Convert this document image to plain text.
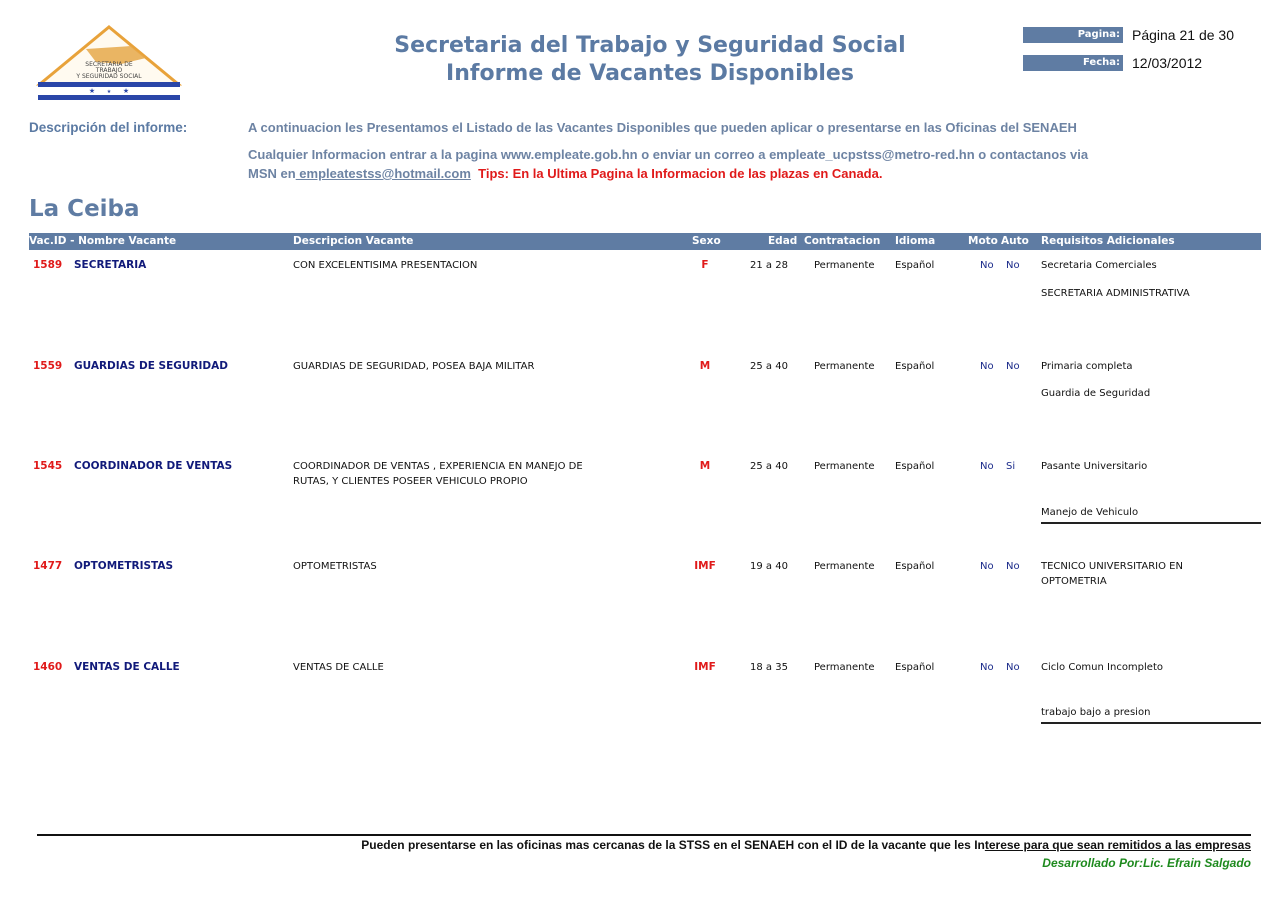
SECRETARIA DE
TRABAJO
Y SEGURIDAD SOCIAL
★ ★ ★
Secretaria del Trabajo y Seguridad Social
Informe de Vacantes Disponibles
Pagina: Página 21 de 30
Fecha: 12/03/2012
Descripción del informe:	A continuacion les Presentamos el Listado de las Vacantes Disponibles que pueden aplicar o presentarse en las Oficinas del SENAEH
Cualquier Informacion entrar a la pagina www.empleate.gob.hn o enviar un correo a empleate_ucpstss@metro-red.hn o contactanos via
MSN en empleatestss@hotmail.com Tips: En la Ultima Pagina la Informacion de las plazas en Canada.
La Ceiba
Vac.ID - Nombre Vacante	Descripcion Vacante	Sexo	Edad Contratacion Idioma	Moto Auto Requisitos Adicionales
1589 SECRETARIA	CON EXCELENTISIMA PRESENTACION	F	21 a 28	Permanente Español	No No Secretaria Comerciales
SECRETARIA ADMINISTRATIVA
1559 GUARDIAS DE SEGURIDAD	GUARDIAS DE SEGURIDAD, POSEA BAJA MILITAR	M	25 a 40	Permanente Español	No No Primaria completa
Guardia de Seguridad
1545 COORDINADOR DE VENTAS	COORDINADOR DE VENTAS , EXPERIENCIA EN MANEJO DE
RUTAS, Y CLIENTES POSEER VEHICULO PROPIO
M	25 a 40	Permanente Español	No Si	Pasante Universitario
Manejo de Vehiculo
1477 OPTOMETRISTAS	OPTOMETRISTAS	IMF	19 a 40	Permanente Español	No No TECNICO UNIVERSITARIO EN
OPTOMETRIA
1460 VENTAS DE CALLE	VENTAS DE CALLE	IMF	18 a 35	Permanente Español	No No Ciclo Comun Incompleto
trabajo bajo a presion
Pueden presentarse en las oficinas mas cercanas de la STSS en el SENAEH con el ID de la vacante que les Interese para que sean remitidos a las empresas
Desarrollado Por:Lic. Efrain Salgado
